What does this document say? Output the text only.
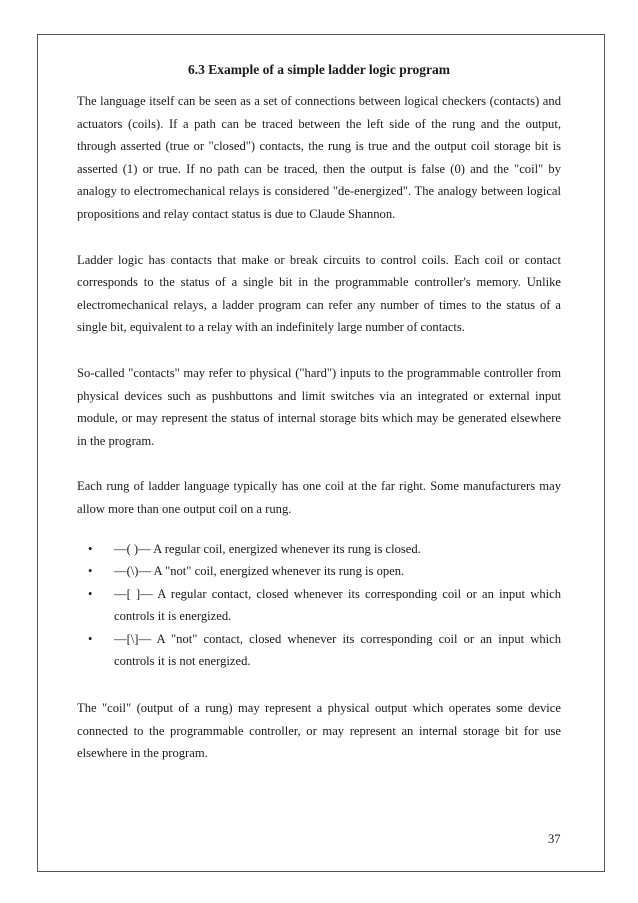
6.3 Example of a simple ladder logic program

The language itself can be seen as a set of connections between logical checkers (contacts) and actuators (coils). If a path can be traced between the left side of the rung and the output, through asserted (true or "closed") contacts, the rung is true and the output coil storage bit is asserted (1) or true. If no path can be traced, then the output is false (0) and the "coil" by analogy to electromechanical relays is considered "de-energized". The analogy between logical propositions and relay contact status is due to Claude Shannon.

Ladder logic has contacts that make or break circuits to control coils. Each coil or contact corresponds to the status of a single bit in the programmable controller's memory. Unlike electromechanical relays, a ladder program can refer any number of times to the status of a single bit, equivalent to a relay with an indefinitely large number of contacts.

So-called "contacts" may refer to physical ("hard") inputs to the programmable controller from physical devices such as pushbuttons and limit switches via an integrated or external input module, or may represent the status of internal storage bits which may be generated elsewhere in the program.

Each rung of ladder language typically has one coil at the far right. Some manufacturers may allow more than one output coil on a rung.

• —( )— A regular coil, energized whenever its rung is closed.
• —(\)— A "not" coil, energized whenever its rung is open.
• —[ ]— A regular contact, closed whenever its corresponding coil or an input which controls it is energized.
• —[\]— A "not" contact, closed whenever its corresponding coil or an input which controls it is not energized.

The "coil" (output of a rung) may represent a physical output which operates some device connected to the programmable controller, or may represent an internal storage bit for use elsewhere in the program.

37
